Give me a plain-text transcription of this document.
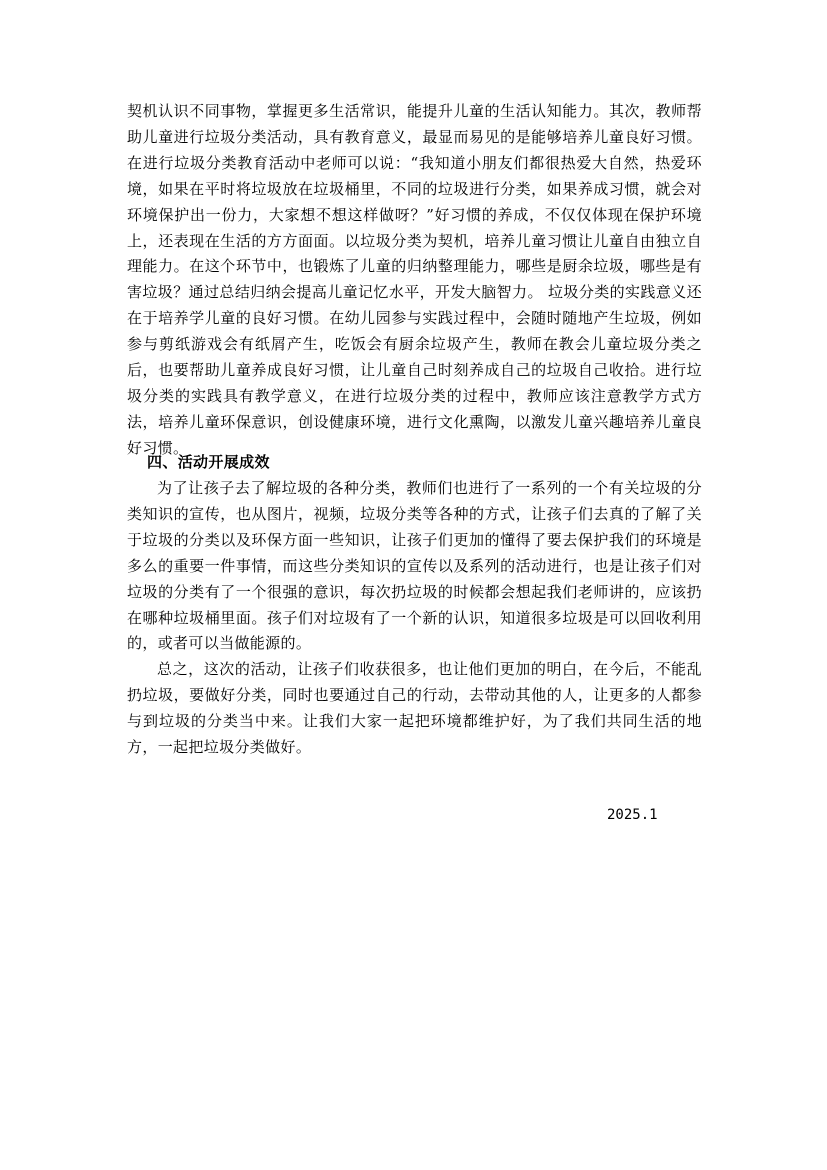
契机认识不同事物，掌握更多生活常识，能提升儿童的生活认知能力。其次，教师帮助儿童进行垃圾分类活动，具有教育意义，最显而易见的是能够培养儿童良好习惯。在进行垃圾分类教育活动中老师可以说：“我知道小朋友们都很热爱大自然，热爱环境，如果在平时将垃圾放在垃圾桶里，不同的垃圾进行分类，如果养成习惯，就会对环境保护出一份力，大家想不想这样做呀？”好习惯的养成，不仅仅体现在保护环境上，还表现在生活的方方面面。以垃圾分类为契机，培养儿童习惯让儿童自由独立自理能力。在这个环节中，也锻炼了儿童的归纳整理能力，哪些是厨余垃圾，哪些是有害垃圾？通过总结归纳会提高儿童记忆水平，开发大脑智力。 垃圾分类的实践意义还在于培养学儿童的良好习惯。在幼儿园参与实践过程中，会随时随地产生垃圾，例如参与剪纸游戏会有纸屑产生，吃饭会有厨余垃圾产生，教师在教会儿童垃圾分类之后，也要帮助儿童养成良好习惯，让儿童自己时刻养成自己的垃圾自己收拾。进行垃圾分类的实践具有教学意义，在进行垃圾分类的过程中，教师应该注意教学方式方法，培养儿童环保意识，创设健康环境，进行文化熏陶，以激发儿童兴趣培养儿童良好习惯。

四、活动开展成效

为了让孩子去了解垃圾的各种分类，教师们也进行了一系列的一个有关垃圾的分类知识的宣传，也从图片，视频，垃圾分类等各种的方式，让孩子们去真的了解了关于垃圾的分类以及环保方面一些知识，让孩子们更加的懂得了要去保护我们的环境是多么的重要一件事情，而这些分类知识的宣传以及系列的活动进行，也是让孩子们对垃圾的分类有了一个很强的意识，每次扔垃圾的时候都会想起我们老师讲的，应该扔在哪种垃圾桶里面。孩子们对垃圾有了一个新的认识，知道很多垃圾是可以回收利用的，或者可以当做能源的。

总之，这次的活动，让孩子们收获很多，也让他们更加的明白，在今后，不能乱扔垃圾，要做好分类，同时也要通过自己的行动，去带动其他的人，让更多的人都参与到垃圾的分类当中来。让我们大家一起把环境都维护好，为了我们共同生活的地方，一起把垃圾分类做好。

2025.1
